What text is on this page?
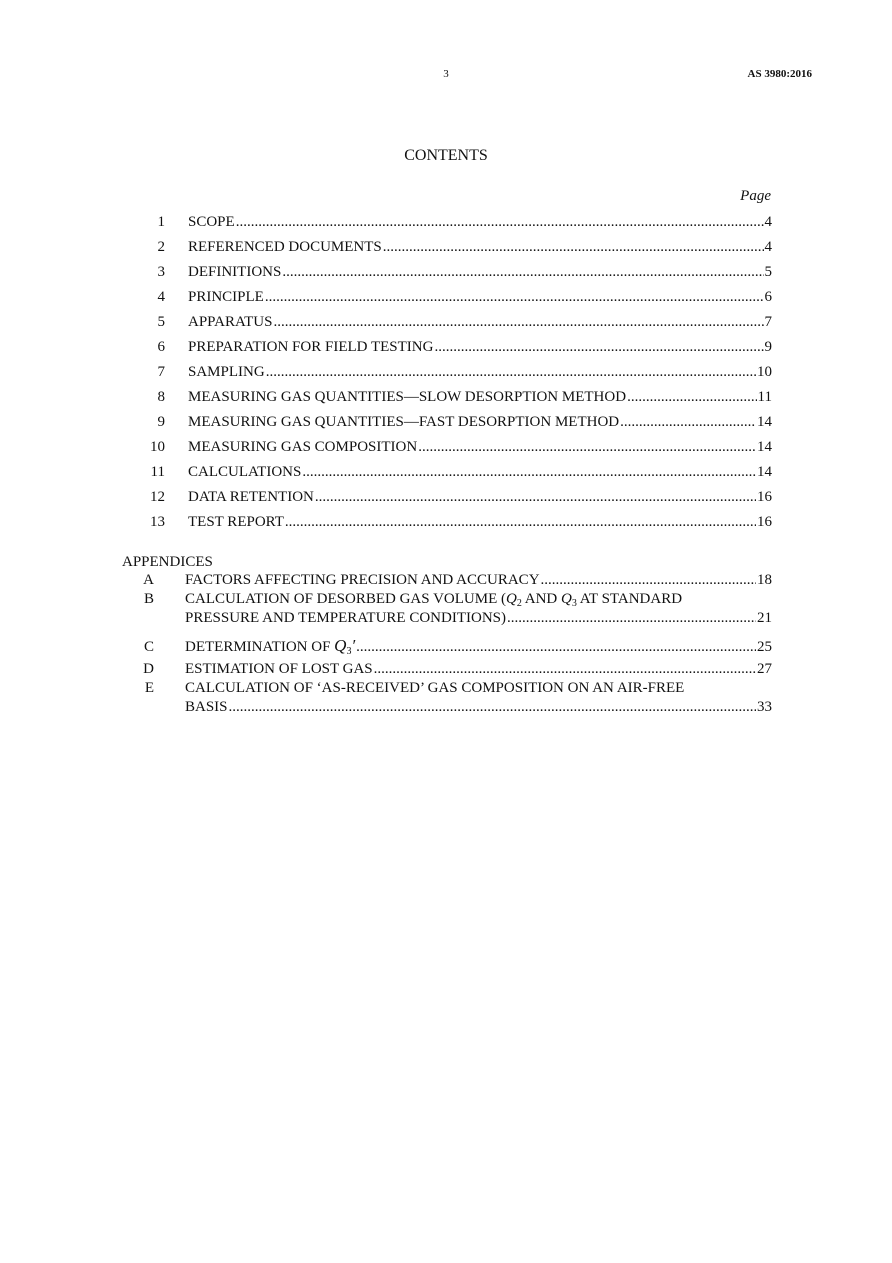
3	AS 3980:2016
CONTENTS
Page
1 SCOPE .....	4
2 REFERENCED DOCUMENTS .....	4
3 DEFINITIONS .....	5
4 PRINCIPLE .....	6
5 APPARATUS .....	7
6 PREPARATION FOR FIELD TESTING .....	9
7 SAMPLING .....	10
8 MEASURING GAS QUANTITIES—SLOW DESORPTION METHOD .....	11
9 MEASURING GAS QUANTITIES—FAST DESORPTION METHOD .....	14
10 MEASURING GAS COMPOSITION .....	14
11 CALCULATIONS .....	14
12 DATA RETENTION .....	16
13 TEST REPORT .....	16
APPENDICES
A FACTORS AFFECTING PRECISION AND ACCURACY .....	18
B CALCULATION OF DESORBED GAS VOLUME ($Q_2$ AND $Q_3$ AT STANDARD
PRESSURE AND TEMPERATURE CONDITIONS) .....	21
C DETERMINATION OF $Q_3'$ .....	25
D ESTIMATION OF LOST GAS .....	27
E CALCULATION OF ‘AS-RECEIVED’ GAS COMPOSITION ON AN AIR-FREE
BASIS .....	33
